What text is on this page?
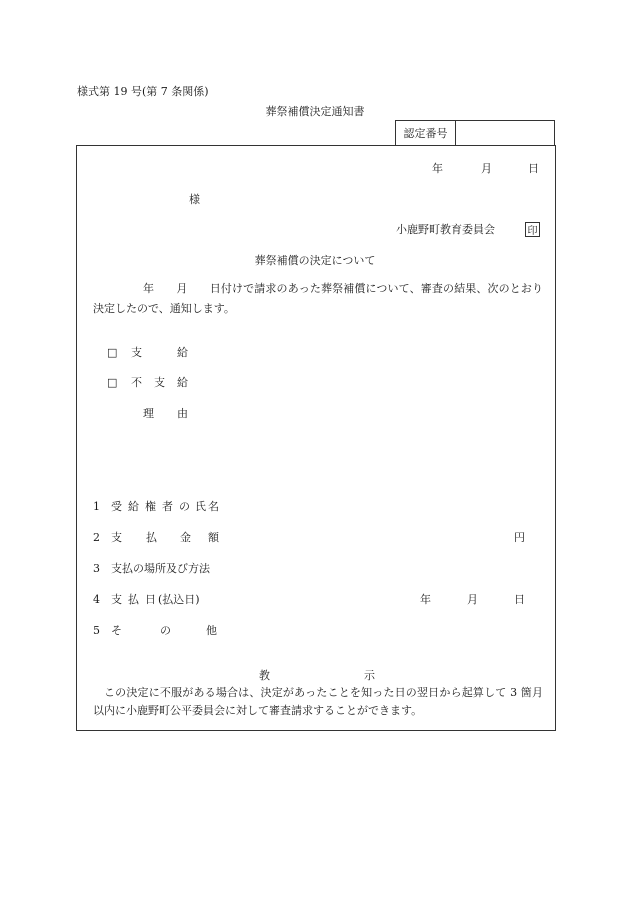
様式第 19 号(第 7 条関係)
葬祭補償決定通知書
認定番号
年	月	日
様
小鹿野町教育委員会	印
葬祭補償の決定について
年　　月　　日付けで請求のあった葬祭補償について、審査の結果、次のとおり決定したので、通知します。
□ 支	給
□ 不 支 給
理 由
1 受 給 権 者 の 氏 名
2 支 払 金 額	円
3 支払の場所及び方法
4 支 払 日 (払込日)	年	月	日
5 そ	の	他
教	示
この決定に不服がある場合は、決定があったことを知った日の翌日から起算して 3 箇月以内に小鹿野町公平委員会に対して審査請求することができます。
